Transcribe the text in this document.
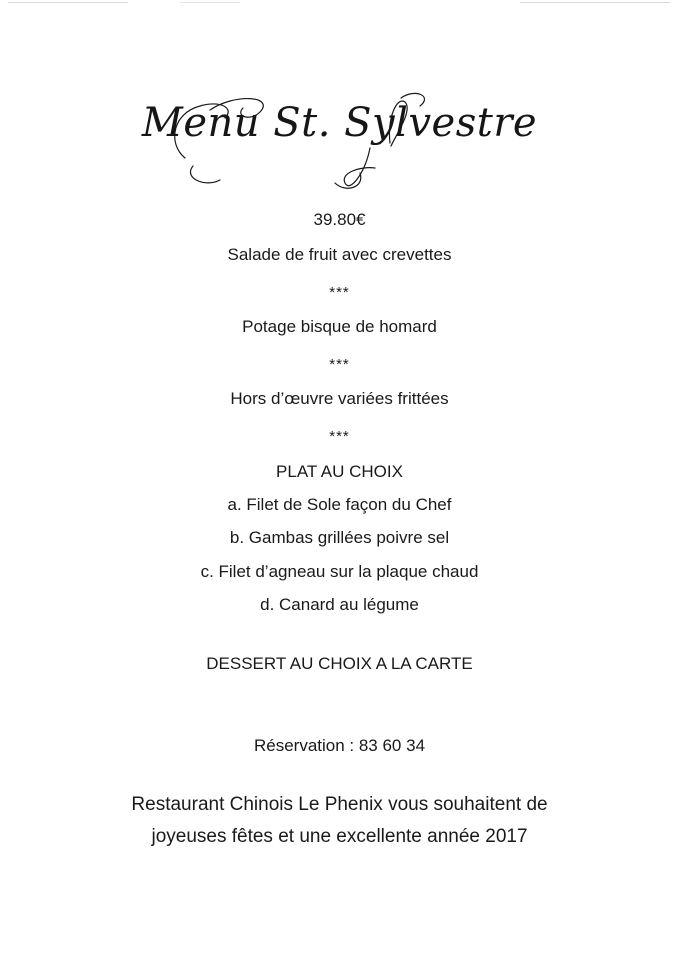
Menu St. Sylvestre
39.80€
Salade de fruit avec crevettes
***
Potage bisque de homard
***
Hors d’œuvre variées frittées
***
PLAT AU CHOIX
a. Filet de Sole façon du Chef
b. Gambas grillées poivre sel
c. Filet d’agneau sur la plaque chaud
d. Canard au légume
DESSERT AU CHOIX A LA CARTE
Réservation : 83 60 34
Restaurant Chinois Le Phenix vous souhaitent de
joyeuses fêtes et une excellente année 2017
